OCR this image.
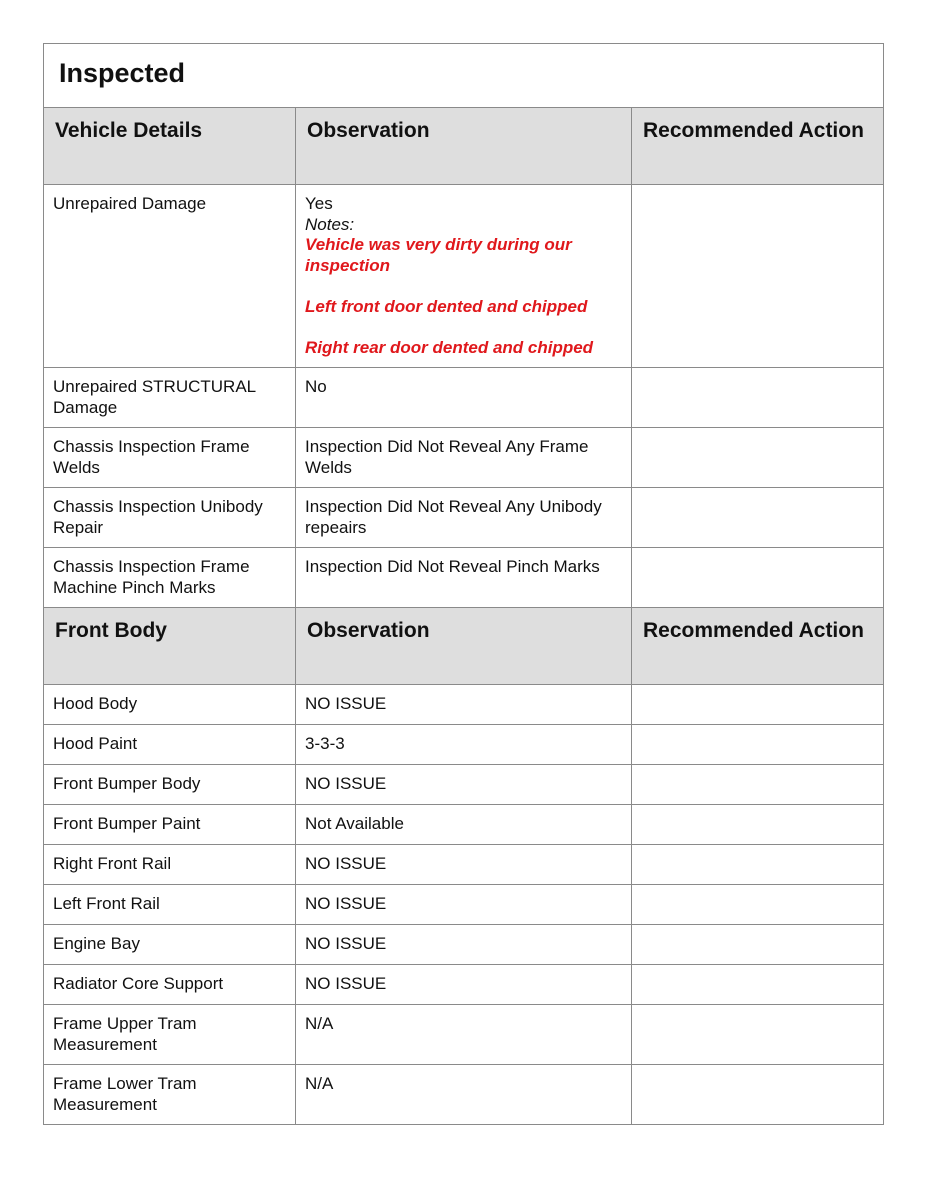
Inspected		
Vehicle Details	Observation	Recommended Action
Unrepaired Damage	Yes
Notes:
Vehicle was very dirty during our inspection
Left front door dented and chipped
Right rear door dented and chipped	

Unrepaired STRUCTURAL Damage	No	
Chassis Inspection Frame Welds	Inspection Did Not Reveal Any Frame Welds	
Chassis Inspection Unibody Repair	Inspection Did Not Reveal Any Unibody repeairs	
Chassis Inspection Frame Machine Pinch Marks	Inspection Did Not Reveal Pinch Marks	
Front Body	Observation	Recommended Action
Hood Body	NO ISSUE	
Hood Paint	3-3-3	
Front Bumper Body	NO ISSUE	
Front Bumper Paint	Not Available	
Right Front Rail	NO ISSUE	
Left Front Rail	NO ISSUE	
Engine Bay	NO ISSUE	
Radiator Core Support	NO ISSUE	
Frame Upper Tram Measurement	N/A	
Frame Lower Tram Measurement	N/A	
